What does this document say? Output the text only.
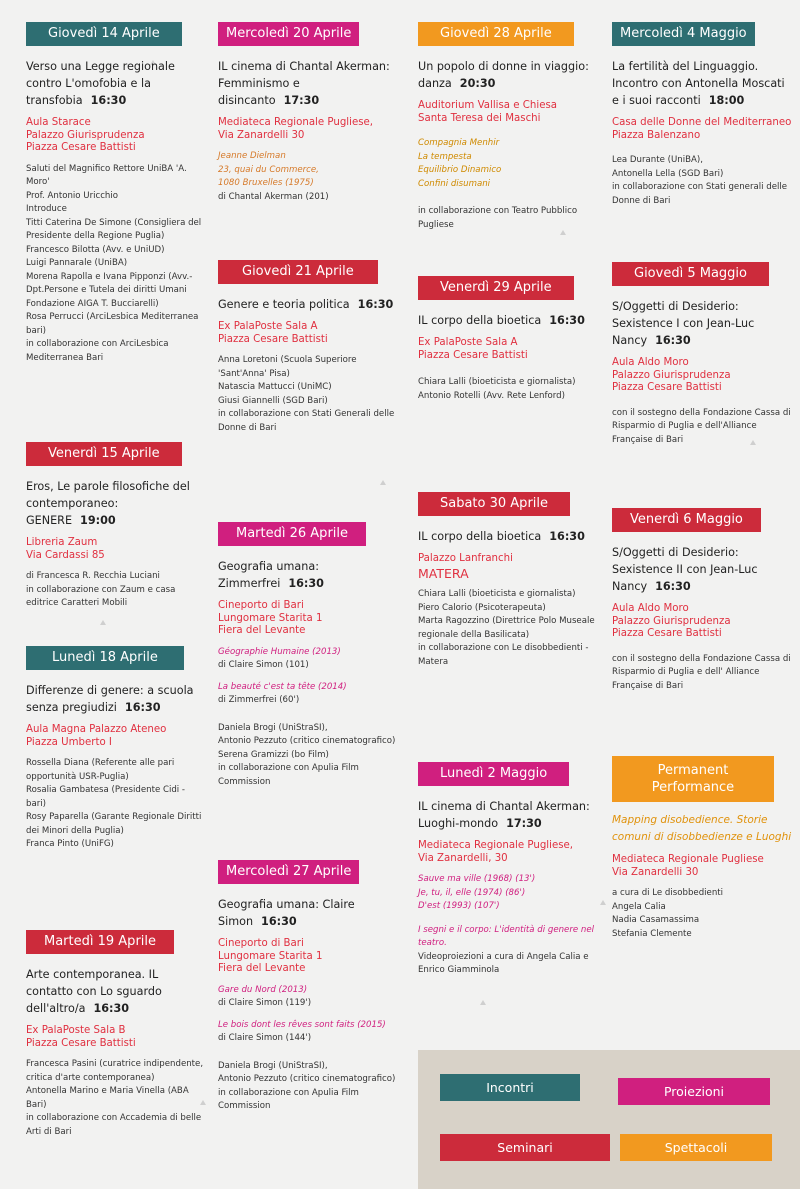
Giovedì 14 Aprile
Verso una Legge regionale contro L'omofobia e la transfobia 16:30
Aula Starace
Palazzo Giurisprudenza
Piazza Cesare Battisti
Saluti del Magnifico Rettore UniBA 'A. Moro'
Prof. Antonio Uricchio
Introduce
Titti Caterina De Simone (Consigliera del Presidente della Regione Puglia)
Francesco Bilotta (Avv. e UniUD)
Luigi Pannarale (UniBA)
Morena Rapolla e Ivana Pipponzi (Avv.- Dpt.Persone e Tutela dei diritti Umani Fondazione AIGA T. Bucciarelli)
Rosa Perrucci (ArciLesbica Mediterranea bari)
in collaborazione con ArciLesbica Mediterranea Bari
Venerdì 15 Aprile
Eros, Le parole filosofiche del contemporaneo: GENERE 19:00
Libreria Zaum
Via Cardassi 85
di Francesca R. Recchia Luciani
in collaborazione con Zaum e casa editrice Caratteri Mobili
Lunedì 18 Aprile
Differenze di genere: a scuola senza pregiudizi 16:30
Aula Magna Palazzo Ateneo
Piazza Umberto I
Rossella Diana (Referente alle pari opportunità USR-Puglia)
Rosalia Gambatesa (Presidente Cidi - bari)
Rosy Paparella (Garante Regionale Diritti dei Minori della Puglia)
Franca Pinto (UniFG)
Martedì 19 Aprile
Arte contemporanea. IL contatto con Lo sguardo dell'altro/a 16:30
Ex PalaPoste Sala B
Piazza Cesare Battisti
Francesca Pasini (curatrice indipendente, critica d'arte contemporanea)
Antonella Marino e Maria Vinella (ABA Bari)
in collaborazione con Accademia di belle Arti di Bari
Mercoledì 20 Aprile
IL cinema di Chantal Akerman: Femminismo e disincanto 17:30
Mediateca Regionale Pugliese,
Via Zanardelli 30
Jeanne Dielman
23, quai du Commerce,
1080 Bruxelles (1975)
di Chantal Akerman (201)
Giovedì 21 Aprile
Genere e teoria politica 16:30
Ex PalaPoste Sala A
Piazza Cesare Battisti
Anna Loretoni (Scuola Superiore 'Sant'Anna' Pisa)
Natascia Mattucci (UniMC)
Giusi Giannelli (SGD Bari)
in collaborazione con Stati Generali delle Donne di Bari
Martedì 26 Aprile
Geografia umana: Zimmerfrei 16:30
Cineporto di Bari
Lungomare Starita 1
Fiera del Levante
Géographie Humaine (2013)
di Claire Simon (101)
La beauté c'est ta tête (2014)
di Zimmerfrei (60')
Daniela Brogi (UniStraSI),
Antonio Pezzuto (critico cinematografico)
Serena Gramizzi (bo Film)
in collaborazione con Apulia Film Commission
Mercoledì 27 Aprile
Geografia umana: Claire Simon 16:30
Cineporto di Bari
Lungomare Starita 1
Fiera del Levante
Gare du Nord (2013)
di Claire Simon (119')
Le bois dont les rêves sont faits (2015)
di Claire Simon (144')
Daniela Brogi (UniStraSI),
Antonio Pezzuto (critico cinematografico)
in collaborazione con Apulia Film Commission
Giovedì 28 Aprile
Un popolo di donne in viaggio: danza 20:30
Auditorium Vallisa e Chiesa
Santa Teresa dei Maschi
Compagnia Menhir
La tempesta
Equilibrio Dinamico
Confini disumani
in collaborazione con Teatro Pubblico Pugliese
Venerdì 29 Aprile
IL corpo della bioetica 16:30
Ex PalaPoste Sala A
Piazza Cesare Battisti
Chiara Lalli (bioeticista e giornalista)
Antonio Rotelli (Avv. Rete Lenford)
Sabato 30 Aprile
IL corpo della bioetica 16:30
Palazzo Lanfranchi
MATERA
Chiara Lalli (bioeticista e giornalista)
Piero Calorio (Psicoterapeuta)
Marta Ragozzino (Direttrice Polo Museale regionale della Basilicata)
in collaborazione con Le disobbedienti - Matera
Lunedì 2 Maggio
IL cinema di Chantal Akerman: Luoghi-mondo 17:30
Mediateca Regionale Pugliese,
Via Zanardelli, 30
Sauve ma ville (1968) (13')
Je, tu, il, elle (1974) (86')
D'est (1993) (107')
I segni e il corpo: L'identità di genere nel teatro.
Videoproiezioni a cura di Angela Calia e Enrico Giamminola
Mercoledì 4 Maggio
La fertilità del Linguaggio. Incontro con Antonella Moscati e i suoi racconti 18:00
Casa delle Donne del Mediterraneo
Piazza Balenzano
Lea Durante (UniBA),
Antonella Lella (SGD Bari)
in collaborazione con Stati generali delle Donne di Bari
Giovedì 5 Maggio
S/Oggetti di Desiderio: Sexistence I con Jean-Luc Nancy 16:30
Aula Aldo Moro
Palazzo Giurisprudenza
Piazza Cesare Battisti
con il sostegno della Fondazione Cassa di Risparmio di Puglia e dell'Alliance Française di Bari
Venerdì 6 Maggio
S/Oggetti di Desiderio: Sexistence II con Jean-Luc Nancy 16:30
Aula Aldo Moro
Palazzo Giurisprudenza
Piazza Cesare Battisti
con il sostegno della Fondazione Cassa di Risparmio di Puglia e dell' Alliance Française di Bari
Permanent
Performance
Mapping disobedience. Storie comuni di disobbedienze e Luoghi
Mediateca Regionale Pugliese
Via Zanardelli 30
a cura di Le disobbedienti
Angela Calia
Nadia Casamassima
Stefania Clemente
Incontri	Proiezioni
Seminari	Spettacoli
